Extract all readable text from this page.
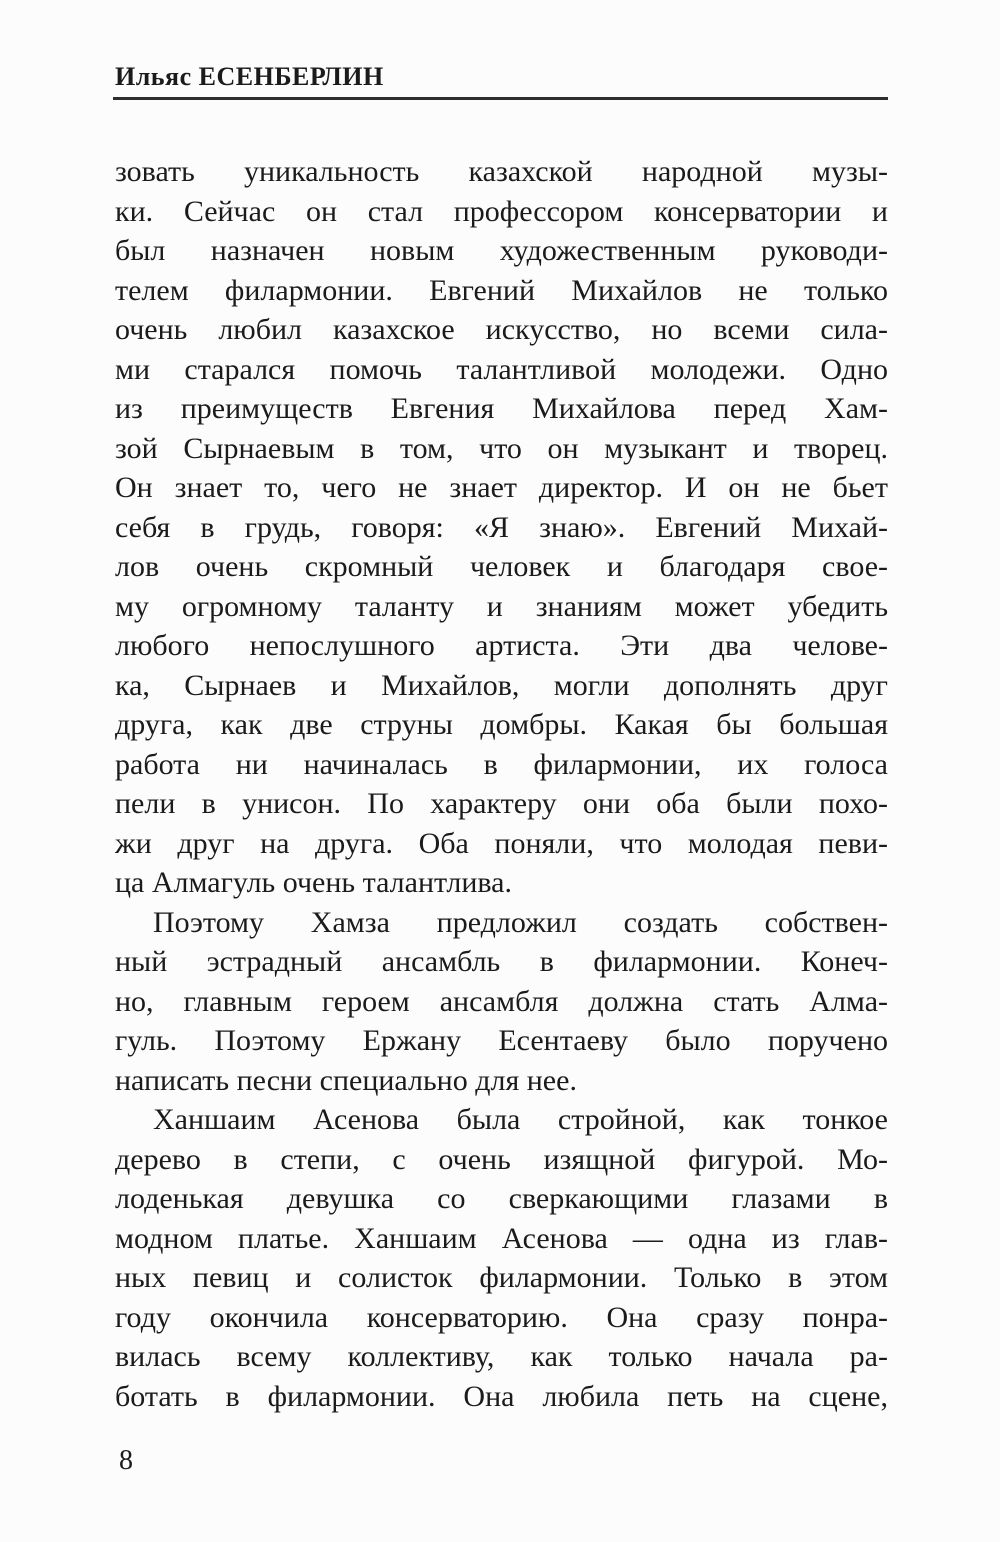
Ильяс ЕСЕНБЕРЛИН
зовать уникальность казахской народной музы-
ки. Сейчас он стал профессором консерватории и
был назначен новым художественным руководи-
телем филармонии. Евгений Михайлов не только
очень любил казахское искусство, но всеми сила-
ми старался помочь талантливой молодежи. Одно
из преимуществ Евгения Михайлова перед Хам-
зой Сырнаевым в том, что он музыкант и творец.
Он знает то, чего не знает директор. И он не бьет
себя в грудь, говоря: «Я знаю». Евгений Михай-
лов очень скромный человек и благодаря свое-
му огромному таланту и знаниям может убедить
любого непослушного артиста. Эти два челове-
ка, Сырнаев и Михайлов, могли дополнять друг
друга, как две струны домбры. Какая бы большая
работа ни начиналась в филармонии, их голоса
пели в унисон. По характеру они оба были похо-
жи друг на друга. Оба поняли, что молодая певи-
ца Алмагуль очень талантлива.
Поэтому Хамза предложил создать собствен-
ный эстрадный ансамбль в филармонии. Конеч-
но, главным героем ансамбля должна стать Алма-
гуль. Поэтому Ержану Есентаеву было поручено
написать песни специально для нее.
Ханшаим Асенова была стройной, как тонкое
дерево в степи, с очень изящной фигурой. Мо-
лоденькая девушка со сверкающими глазами в
модном платье. Ханшаим Асенова — одна из глав-
ных певиц и солисток филармонии. Только в этом
году окончила консерваторию. Она сразу понра-
вилась всему коллективу, как только начала ра-
ботать в филармонии. Она любила петь на сцене,
8
